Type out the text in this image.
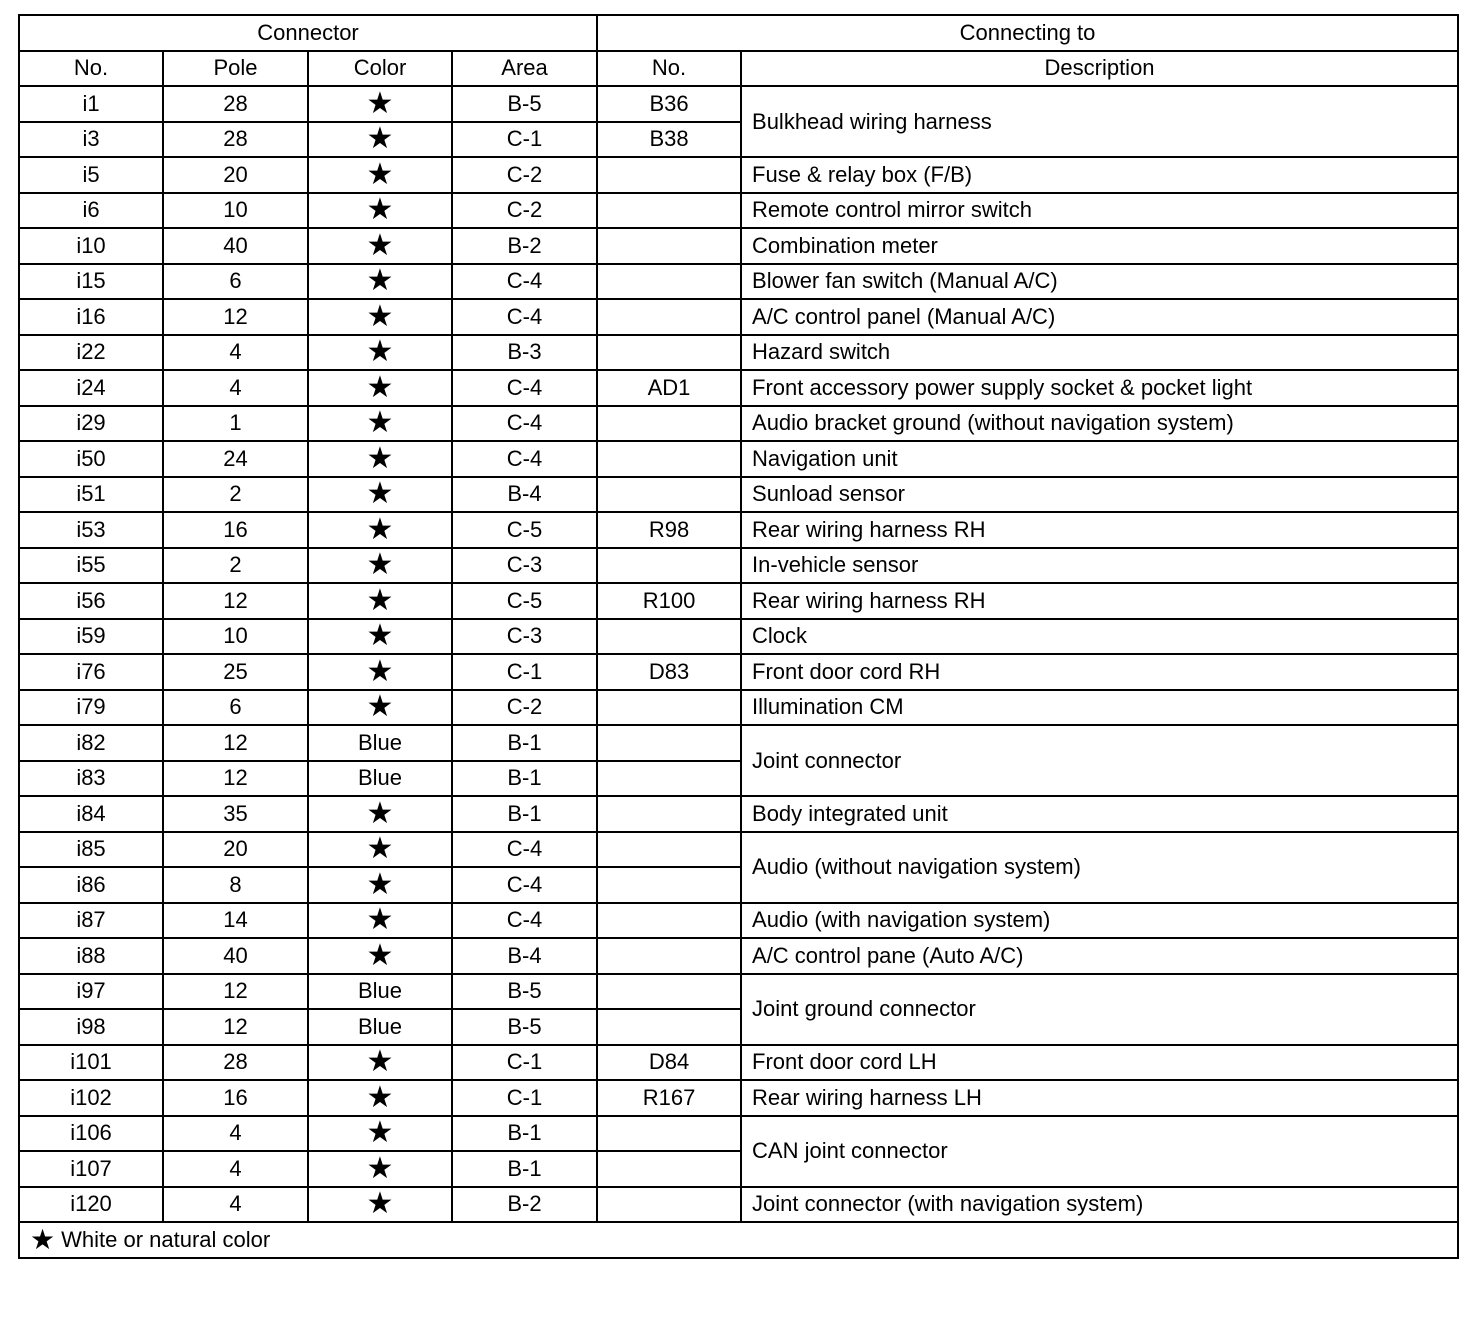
Connector				Connecting to	
No.	Pole	Color	Area	No.	Description
i1	28	★	B-5	B36	Bulkhead wiring harness
i3	28	★	C-1	B38	
i5	20	★	C-2		Fuse & relay box (F/B)
i6	10	★	C-2		Remote control mirror switch
i10	40	★	B-2		Combination meter
i15	6	★	C-4		Blower fan switch (Manual A/C)
i16	12	★	C-4		A/C control panel (Manual A/C)
i22	4	★	B-3		Hazard switch
i24	4	★	C-4	AD1	Front accessory power supply socket & pocket light
i29	1	★	C-4		Audio bracket ground (without navigation system)
i50	24	★	C-4		Navigation unit
i51	2	★	B-4		Sunload sensor
i53	16	★	C-5	R98	Rear wiring harness RH
i55	2	★	C-3		In-vehicle sensor
i56	12	★	C-5	R100	Rear wiring harness RH
i59	10	★	C-3		Clock
i76	25	★	C-1	D83	Front door cord RH
i79	6	★	C-2		Illumination CM
i82	12	Blue	B-1		Joint connector
i83	12	Blue	B-1		
i84	35	★	B-1		Body integrated unit
i85	20	★	C-4		Audio (without navigation system)
i86	8	★	C-4		
i87	14	★	C-4		Audio (with navigation system)
i88	40	★	B-4		A/C control pane (Auto A/C)
i97	12	Blue	B-5		Joint ground connector
i98	12	Blue	B-5		
i101	28	★	C-1	D84	Front door cord LH
i102	16	★	C-1	R167	Rear wiring harness LH
i106	4	★	B-1		CAN joint connector
i107	4	★	B-1		
i120	4	★	B-2		Joint connector (with navigation system)
★ White or natural color					
